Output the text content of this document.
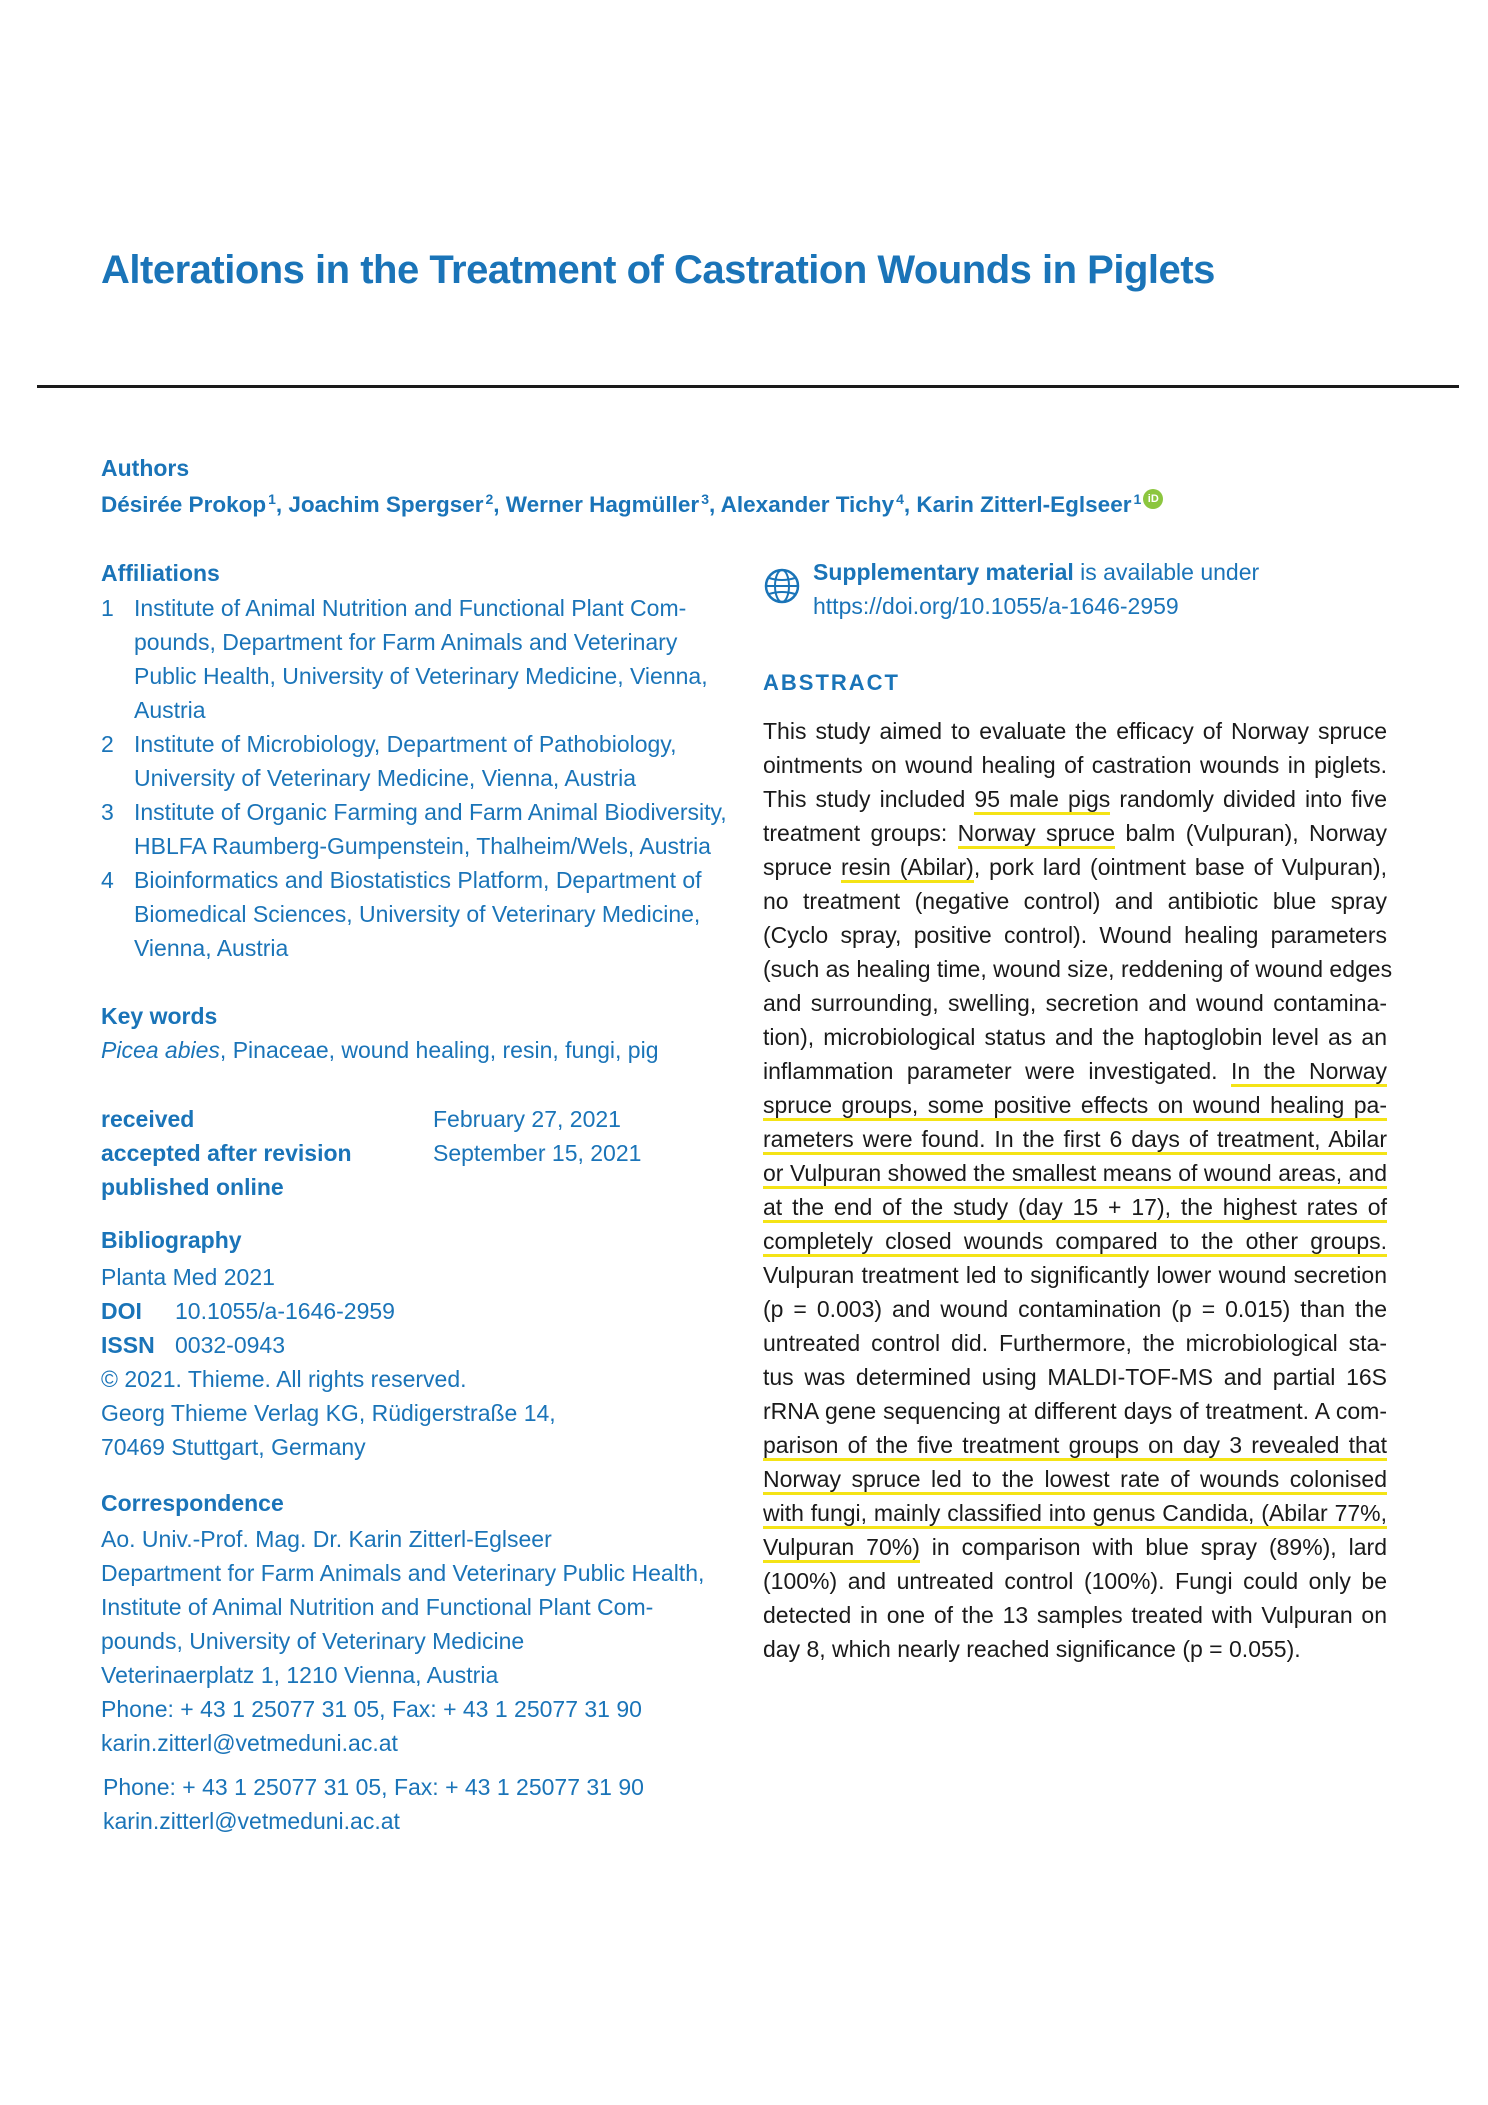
Alterations in the Treatment of Castration Wounds in Piglets
Authors
Désirée Prokop $^1$, Joachim Spergser $^2$, Werner Hagmüller $^3$, Alexander Tichy $^4$, Karin Zitterl-Eglseer $^1$ iD
Affiliations
1 Institute of Animal Nutrition and Functional Plant Com- pounds, Department for Farm Animals and Veterinary Public Health, University of Veterinary Medicine, Vienna, Austria
2 Institute of Microbiology, Department of Pathobiology, University of Veterinary Medicine, Vienna, Austria
3 Institute of Organic Farming and Farm Animal Biodiversity, HBLFA Raumberg-Gumpenstein, Thalheim/Wels, Austria
4 Bioinformatics and Biostatistics Platform, Department of Biomedical Sciences, University of Veterinary Medicine, Vienna, Austria
Key words
Picea abies, Pinaceae, wound healing, resin, fungi, pig
received	February 27, 2021
accepted after revision	September 15, 2021
published online
Bibliography
Planta Med 2021
DOI 10.1055/a-1646-2959
ISSN 0032-0943
© 2021. Thieme. All rights reserved.
Georg Thieme Verlag KG, Rüdigerstraße 14,
70469 Stuttgart, Germany
Correspondence
Ao. Univ.-Prof. Mag. Dr. Karin Zitterl-Eglseer
Department for Farm Animals and Veterinary Public Health,
Institute of Animal Nutrition and Functional Plant Com-
pounds, University of Veterinary Medicine
Veterinaerplatz 1, 1210 Vienna, Austria
Phone: + 43 1 25077 31 05, Fax: + 43 1 25077 31 90
karin.zitterl@vetmeduni.ac.at
Phone: + 43 1 25077 31 05, Fax: + 43 1 25077 31 90
karin.zitterl@vetmeduni.ac.at
Supplementary material is available under
https://doi.org/10.1055/a-1646-2959
ABSTRACT
This study aimed to evaluate the efficacy of Norway spruce
ointments on wound healing of castration wounds in piglets.
This study included 95 male pigs randomly divided into five
treatment groups: Norway spruce balm (Vulpuran), Norway
spruce resin (Abilar), pork lard (ointment base of Vulpuran),
no treatment (negative control) and antibiotic blue spray
(Cyclo spray, positive control). Wound healing parameters
(such as healing time, wound size, reddening of wound edges
and surrounding, swelling, secretion and wound contamina-
tion), microbiological status and the haptoglobin level as an
inflammation parameter were investigated. In the Norway
spruce groups, some positive effects on wound healing pa-
rameters were found. In the first 6 days of treatment, Abilar
or Vulpuran showed the smallest means of wound areas, and
at the end of the study (day 15 + 17), the highest rates of
completely closed wounds compared to the other groups.
Vulpuran treatment led to significantly lower wound secretion
(p = 0.003) and wound contamination (p = 0.015) than the
untreated control did. Furthermore, the microbiological sta-
tus was determined using MALDI-TOF-MS and partial 16S
rRNA gene sequencing at different days of treatment. A com-
parison of the five treatment groups on day 3 revealed that
Norway spruce led to the lowest rate of wounds colonised
with fungi, mainly classified into genus Candida, (Abilar 77%,
Vulpuran 70%) in comparison with blue spray (89%), lard
(100%) and untreated control (100%). Fungi could only be
detected in one of the 13 samples treated with Vulpuran on
day 8, which nearly reached significance (p = 0.055).
